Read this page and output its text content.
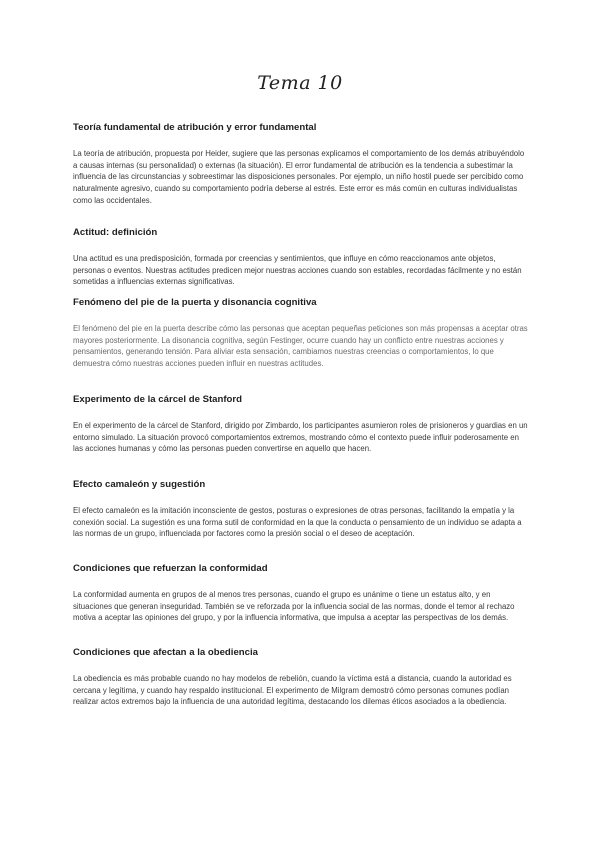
Tema 10
Teoría fundamental de atribución y error fundamental

La teoría de atribución, propuesta por Heider, sugiere que las personas explicamos el comportamiento de los demás atribuyéndolo a causas internas (su personalidad) o externas (la situación). El error fundamental de atribución es la tendencia a subestimar la influencia de las circunstancias y sobreestimar las disposiciones personales. Por ejemplo, un niño hostil puede ser percibido como naturalmente agresivo, cuando su comportamiento podría deberse al estrés. Este error es más común en culturas individualistas como las occidentales.

Actitud: definición

Una actitud es una predisposición, formada por creencias y sentimientos, que influye en cómo reaccionamos ante objetos, personas o eventos. Nuestras actitudes predicen mejor nuestras acciones cuando son estables, recordadas fácilmente y no están sometidas a influencias externas significativas.

Fenómeno del pie de la puerta y disonancia cognitiva

El fenómeno del pie en la puerta describe cómo las personas que aceptan pequeñas peticiones son más propensas a aceptar otras mayores posteriormente. La disonancia cognitiva, según Festinger, ocurre cuando hay un conflicto entre nuestras acciones y pensamientos, generando tensión. Para aliviar esta sensación, cambiamos nuestras creencias o comportamientos, lo que demuestra cómo nuestras acciones pueden influir en nuestras actitudes.

Experimento de la cárcel de Stanford

En el experimento de la cárcel de Stanford, dirigido por Zimbardo, los participantes asumieron roles de prisioneros y guardias en un entorno simulado. La situación provocó comportamientos extremos, mostrando cómo el contexto puede influir poderosamente en las acciones humanas y cómo las personas pueden convertirse en aquello que hacen.

Efecto camaleón y sugestión

El efecto camaleón es la imitación inconsciente de gestos, posturas o expresiones de otras personas, facilitando la empatía y la conexión social. La sugestión es una forma sutil de conformidad en la que la conducta o pensamiento de un individuo se adapta a las normas de un grupo, influenciada por factores como la presión social o el deseo de aceptación.

Condiciones que refuerzan la conformidad

La conformidad aumenta en grupos de al menos tres personas, cuando el grupo es unánime o tiene un estatus alto, y en situaciones que generan inseguridad. También se ve reforzada por la influencia social de las normas, donde el temor al rechazo motiva a aceptar las opiniones del grupo, y por la influencia informativa, que impulsa a aceptar las perspectivas de los demás.

Condiciones que afectan a la obediencia

La obediencia es más probable cuando no hay modelos de rebelión, cuando la víctima está a distancia, cuando la autoridad es cercana y legítima, y cuando hay respaldo institucional. El experimento de Milgram demostró cómo personas comunes podían realizar actos extremos bajo la influencia de una autoridad legítima, destacando los dilemas éticos asociados a la obediencia.
